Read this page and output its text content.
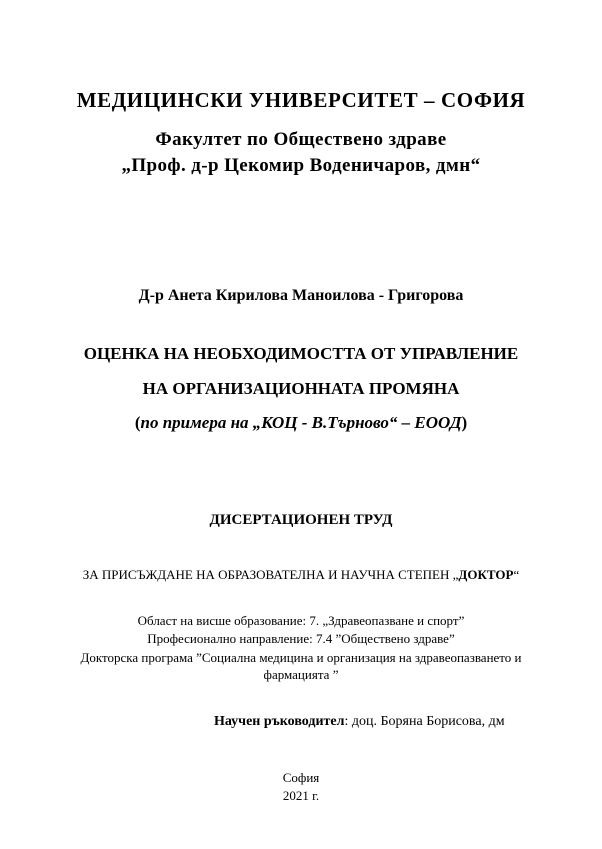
МЕДИЦИНСКИ УНИВЕРСИТЕТ – СОФИЯ

Факултет по Обществено здраве

„Проф. д-р Цекомир Воденичаров, дмн“

Д-р Анета Кирилова Маноилова - Григорова

ОЦЕНКА НА НЕОБХОДИМОСТТА ОТ УПРАВЛЕНИЕ

НА ОРГАНИЗАЦИОННАТА ПРОМЯНА

(по примера на „КОЦ - В.Търново“ – ЕООД)

ДИСЕРТАЦИОНЕН ТРУД

ЗА ПРИСЪЖДАНЕ НА ОБРАЗОВАТЕЛНА И НАУЧНА СТЕПЕН „ДОКТОР“

Област на висше образование: 7. „Здравеопазване и спорт”

Професионално направление: 7.4 ”Обществено здраве”

Докторска програма ”Социална медицина и организация на здравеопазването и

фармацията ”

Научен ръководител: доц. Боряна Борисова, дм

София

2021 г.
